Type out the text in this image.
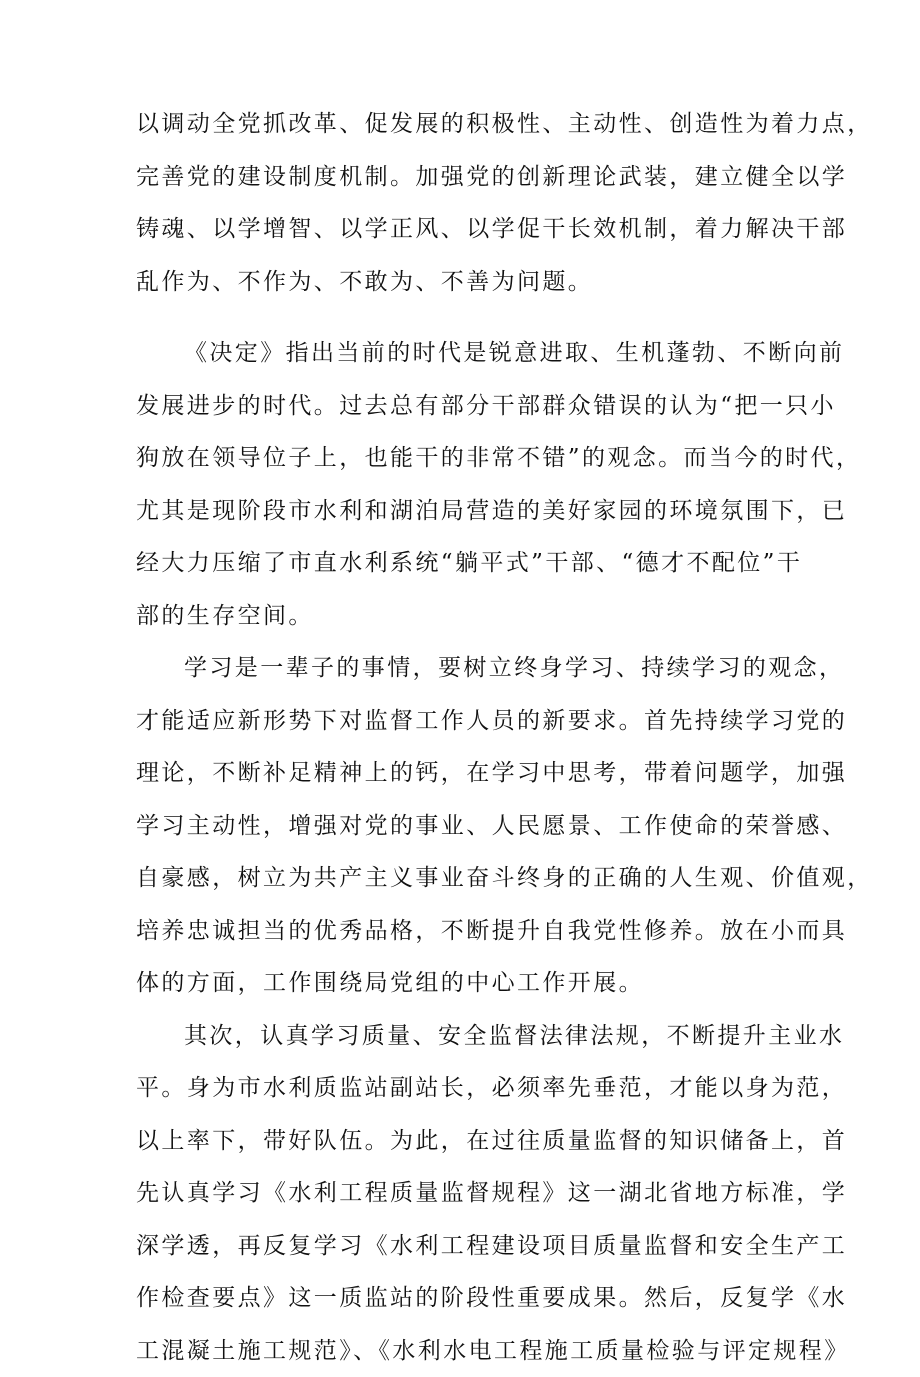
以调动全党抓改革、促发展的积极性、主动性、创造性为着力点，
完善党的建设制度机制。加强党的创新理论武装，建立健全以学
铸魂、以学增智、以学正风、以学促干长效机制，着力解决干部
乱作为、不作为、不敢为、不善为问题。
《决定》指出当前的时代是锐意进取、生机蓬勃、不断向前
发展进步的时代。过去总有部分干部群众错误的认为“把一只小
狗放在领导位子上，也能干的非常不错”的观念。而当今的时代，
尤其是现阶段市水利和湖泊局营造的美好家园的环境氛围下，已
经大力压缩了市直水利系统“躺平式”干部、“德才不配位”干
部的生存空间。
学习是一辈子的事情，要树立终身学习、持续学习的观念，
才能适应新形势下对监督工作人员的新要求。首先持续学习党的
理论，不断补足精神上的钙，在学习中思考，带着问题学，加强
学习主动性，增强对党的事业、人民愿景、工作使命的荣誉感、
自豪感，树立为共产主义事业奋斗终身的正确的人生观、价值观，
培养忠诚担当的优秀品格，不断提升自我党性修养。放在小而具
体的方面，工作围绕局党组的中心工作开展。
其次，认真学习质量、安全监督法律法规，不断提升主业水
平。身为市水利质监站副站长，必须率先垂范，才能以身为范，
以上率下，带好队伍。为此，在过往质量监督的知识储备上，首
先认真学习《水利工程质量监督规程》这一湖北省地方标准，学
深学透，再反复学习《水利工程建设项目质量监督和安全生产工
作检查要点》这一质监站的阶段性重要成果。然后，反复学《水
工混凝土施工规范》、《水利水电工程施工质量检验与评定规程》
